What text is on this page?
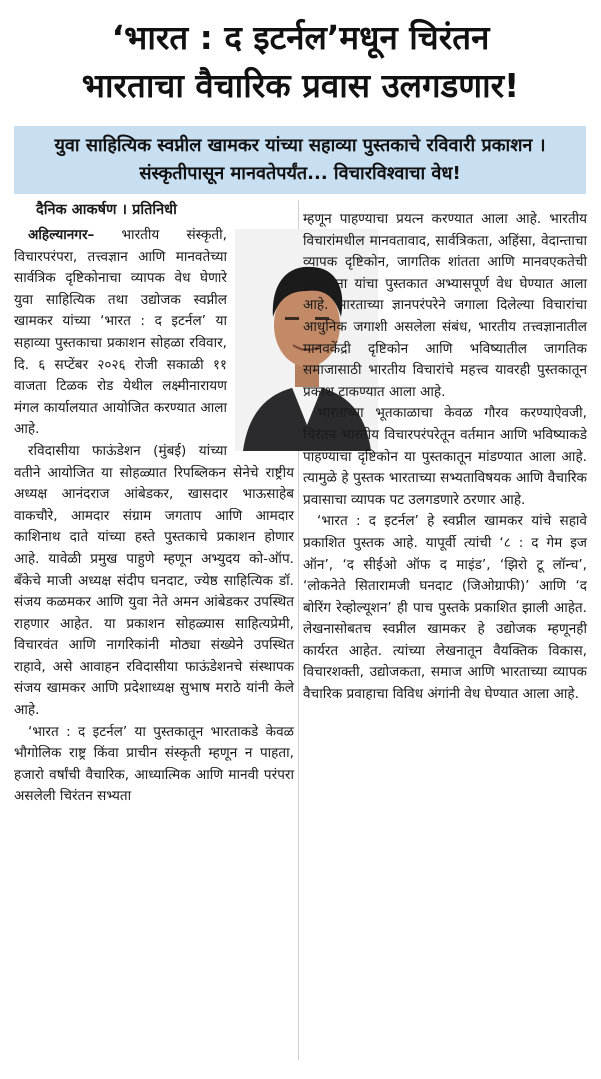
‘भारत : द इटर्नल’मधून चिरंतन
भारताचा वैचारिक प्रवास उलगडणार!
युवा साहित्यिक स्वप्नील खामकर यांच्या सहाव्या पुस्तकाचे रविवारी प्रकाशन । संस्कृतीपासून मानवतेपर्यंत... विचारविश्वाचा वेध!
दैनिक आकर्षण । प्रतिनिधी

अहिल्यानगर– भारतीय संस्कृती, विचारपरंपरा, तत्त्वज्ञान आणि मानवतेच्या सार्वत्रिक दृष्टिकोनाचा व्यापक वेध घेणारे युवा साहित्यिक तथा उद्योजक स्वप्नील खामकर यांच्या ‘भारत : द इटर्नल’ या सहाव्या पुस्तकाचा प्रकाशन सोहळा रविवार, दि. ६ सप्टेंबर २०२६ रोजी सकाळी ११ वाजता टिळक रोड येथील लक्ष्मीनारायण मंगल कार्यालयात आयोजित करण्यात आला आहे.

रविदासीया फाऊंडेशन (मुंबई) यांच्या वतीने आयोजित या सोहळ्यात रिपब्लिकन सेनेचे राष्ट्रीय अध्यक्ष आनंदराज आंबेडकर, खासदार भाऊसाहेब वाकचौरे, आमदार संग्राम जगताप आणि आमदार काशिनाथ दाते यांच्या हस्ते पुस्तकाचे प्रकाशन होणार आहे. यावेळी प्रमुख पाहुणे म्हणून अभ्युदय को-ऑप. बँकेचे माजी अध्यक्ष संदीप घनदाट, ज्येष्ठ साहित्यिक डॉ. संजय कळमकर आणि युवा नेते अमन आंबेडकर उपस्थित राहणार आहेत. या प्रकाशन सोहळ्यास साहित्यप्रेमी, विचारवंत आणि नागरिकांनी मोठ्या संख्येने उपस्थित राहावे, असे आवाहन रविदासीया फाऊंडेशनचे संस्थापक संजय खामकर आणि प्रदेशाध्यक्ष सुभाष मराठे यांनी केले आहे.

‘भारत : द इटर्नल’ या पुस्तकातून भारताकडे केवळ भौगोलिक राष्ट्र किंवा प्राचीन संस्कृती म्हणून न पाहता, हजारो वर्षांची वैचारिक, आध्यात्मिक आणि मानवी परंपरा असलेली चिरंतन सभ्यता

म्हणून पाहण्याचा प्रयत्न करण्यात आला आहे. भारतीय विचारांमधील मानवतावाद, सार्वत्रिकता, अहिंसा, वेदान्ताचा व्यापक दृष्टिकोन, जागतिक शांतता आणि मानवएकतेची संकल्पना यांचा पुस्तकात अभ्यासपूर्ण वेध घेण्यात आला आहे. भारताच्या ज्ञानपरंपरेने जगाला दिलेल्या विचारांचा आधुनिक जगाशी असलेला संबंध, भारतीय तत्त्वज्ञानातील मानवकेंद्री दृष्टिकोन आणि भविष्यातील जागतिक समाजासाठी भारतीय विचारांचे महत्त्व यावरही पुस्तकातून प्रकाश टाकण्यात आला आहे.

भारताच्या भूतकाळाचा केवळ गौरव करण्याऐवजी, चिरंतन भारतीय विचारपरंपरेतून वर्तमान आणि भविष्याकडे पाहण्याचा दृष्टिकोन या पुस्तकातून मांडण्यात आला आहे. त्यामुळे हे पुस्तक भारताच्या सभ्यताविषयक आणि वैचारिक प्रवासाचा व्यापक पट उलगडणारे ठरणार आहे.

‘भारत : द इटर्नल’ हे स्वप्नील खामकर यांचे सहावे प्रकाशित पुस्तक आहे. यापूर्वी त्यांची ‘८ : द गेम इज ऑन’, ‘द सीईओ ऑफ द माइंड’, ‘झिरो टू लॉन्च’, ‘लोकनेते सितारामजी घनदाट (जिओग्राफी)’ आणि ‘द बोरिंग रेव्होल्यूशन’ ही पाच पुस्तके प्रकाशित झाली आहेत. लेखनासोबतच स्वप्नील खामकर हे उद्योजक म्हणूनही कार्यरत आहेत. त्यांच्या लेखनातून वैयक्तिक विकास, विचारशक्ती, उद्योजकता, समाज आणि भारताच्या व्यापक वैचारिक प्रवाहाचा विविध अंगांनी वेध घेण्यात आला आहे.
